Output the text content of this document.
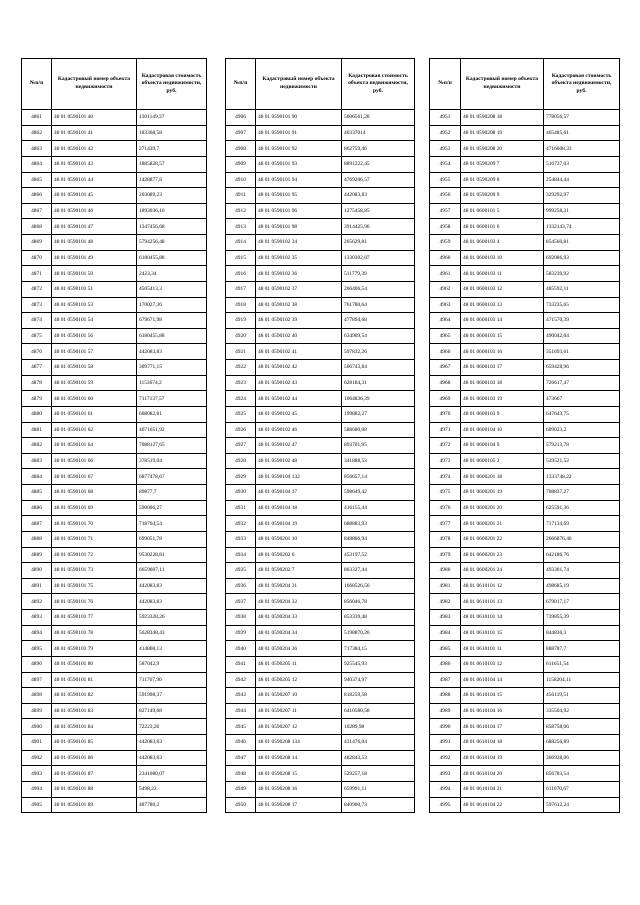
№п/п	Кадастровый номер объекта недвижимости	Кадастровая стоимость объекта недвижимости, руб.
4861	48 01 0590101 40	1301149,37
4862	48 01 0590101 41	183368,58
4863	48 01 0590101 42	271439,7
4864	48 01 0590101 43	1885828,57
4865	48 01 0590101 44	1428877,8
4866	48 01 0590101 45	203089,23
4867	48 01 0590101 46	1893036,16
4868	48 01 0590101 47	1347456,68
4869	48 01 0590101 48	5794256,48
4870	48 01 0590101 49	6180455,88
4871	48 01 0590101 50	2423,34
4872	48 01 0590101 51	4505413,3
4873	48 01 0590101 53	170027,36
4874	48 01 0590101 54	679671,98
4875	48 01 0590101 56	6180455,88
4876	48 01 0590101 57	442083,83
4877	48 01 0590101 58	309771,15
4878	48 01 0590101 59	1153674,2
4879	48 01 0590101 60	7117137,57
4880	48 01 0590101 61	608082,81
4881	48 01 0590101 62	4671651,92
4882	48 01 0590101 64	7088127,65
4883	48 01 0590101 66	378519,04
4884	48 01 0590101 67	6877478,67
4885	48 01 0590101 68	89877,7
4886	48 01 0590101 69	590006,27
4887	48 01 0590101 70	718764,54
4888	48 01 0590101 71	699051,78
4889	48 01 0590101 72	9530228,81
4890	48 01 0590101 73	6659607,11
4891	48 01 0590101 75	442083,83
4892	48 01 0590101 76	442083,83
4893	48 01 0590101 77	5923328,26
4894	48 01 0590101 78	5628348,43
4895	48 01 0590101 79	414808,13
4896	48 01 0590101 80	587042,9
4897	48 01 0590101 81	711767,96
4898	48 01 0590101 82	591998,37
4899	48 01 0590101 83	827149,68
4900	48 01 0590101 84	72223,26
4901	48 01 0590101 85	442083,83
4902	48 01 0590101 86	442083,83
4903	48 01 0590101 87	2341080,07
4904	48 01 0590101 88	5498,22
4905	48 01 0590101 89	487780,2
№п/п	Кадастровый номер объекта недвижимости	Кадастровая стоимость объекта недвижимости, руб.
4906	48 01 0590101 90	5606561,28
4907	48 01 0590101 91	40337014
4908	48 01 0590101 92	862759,46
4909	48 01 0590101 93	8891222,45
4910	48 01 0590101 94	4769206,57
4911	48 01 0590101 95	442083,83
4912	48 01 0590101 96	1275458,85
4913	48 01 0590101 98	3914425,96
4914	48 01 0590102 34	265629,81
4915	48 01 0590102 35	1330302,07
4916	48 01 0590102 36	511779,39
4917	48 01 0590102 37	266406,54
4918	48 01 0590102 38	761780,64
4919	48 01 0590102 39	477894,68
4920	48 01 0590102 40	634909,54
4921	48 01 0590102 41	597832,26
4922	48 01 0590102 42	506743,84
4923	48 01 0590102 43	628184,31
4924	48 01 0590102 44	1064836,39
4925	48 01 0590102 45	199882,27
4926	48 01 0590102 46	588680,08
4927	48 01 0590102 47	893701,95
4928	48 01 0590102 48	341888,53
4929	48 01 0590104 132	856657,14
4930	48 01 0590104 17	598649,42
4931	48 01 0590104 18	416155,44
4932	48 01 0590104 19	688883,93
4933	48 01 0590201 10	848806,94
4934	48 01 0590202 6	453197,52
4935	48 01 0590202 7	863327,44
4936	48 01 0590204 31	1668526,56
4937	48 01 0590204 32	856046,78
4938	48 01 0590204 33	853339,48
4939	48 01 0590204 34	5198870,26
4940	48 01 0590204 36	717384,15
4941	48 01 0590205 11	925545,93
4942	48 01 0590205 12	940374,97
4943	48 01 0590207 10	818259,58
4944	48 01 0590207 11	6410580,58
4945	48 01 0590207 12	10289,98
4946	48 01 0590208 134	431476,04
4947	48 01 0590208 14	482843,53
4948	48 01 0590208 15	529257,18
4949	48 01 0590208 16	659991,11
4950	48 01 0590208 17	840900,73
№п/п	Кадастровый номер объекта недвижимости	Кадастровая стоимость объекта недвижимости, руб.
4951	48 01 0590208 18	778056,57
4952	48 01 0590208 19	465485,61
4953	48 01 0590208 20	4716608,33
4954	48 01 0590209 7	516737,03
4955	48 01 0590209 8	254844,44
4956	48 01 0590209 9	329292,97
4957	48 01 0600101 5	999258,31
4958	48 01 0600101 6	1332143,74
4959	48 01 0600103 4	854560,81
4960	48 01 0600103 10	692086,93
4961	48 01 0600103 11	583239,92
4962	48 01 0600103 12	485592,11
4963	48 01 0600103 13	733235,65
4964	48 01 0600103 14	471570,39
4965	48 01 0600103 15	490042,04
4966	48 01 0600103 16	351693,61
4967	48 01 0600103 17	659428,96
4968	48 01 0600103 18	726617,47
4969	48 01 0600103 19	473667
4970	48 01 0600103 9	647643,75
4971	48 01 0600104 10	609023,2
4972	48 01 0600104 9	579213,78
4973	48 01 0600105 2	539521,52
4974	48 01 0600201 18	1333748,22
4975	48 01 0600201 19	708837,27
4976	48 01 0600201 20	625591,36
4977	48 01 0600201 21	717134,69
4978	48 01 0600201 22	2666876,46
4979	48 01 0600201 23	642186,76
4980	48 01 0600201 24	493301,74
4981	48 01 0610101 12	498685,19
4982	48 01 0610101 13	679017,17
4983	48 01 0610101 14	739855,39
4984	48 01 0610101 15	844836,3
4985	48 01 0610101 11	888787,7
4986	48 01 0610103 12	611651,54
4987	48 01 0610104 14	1158204,11
4988	48 01 0610104 15	456119,51
4989	48 01 0610104 16	335504,92
4990	48 01 0610104 17	858758,06
4991	48 01 0610104 18	688256,89
4992	48 01 0610104 19	366928,06
4993	48 01 0610104 20	856783,54
4994	48 01 0610104 21	611070,67
4995	48 01 0610104 22	597612,24
